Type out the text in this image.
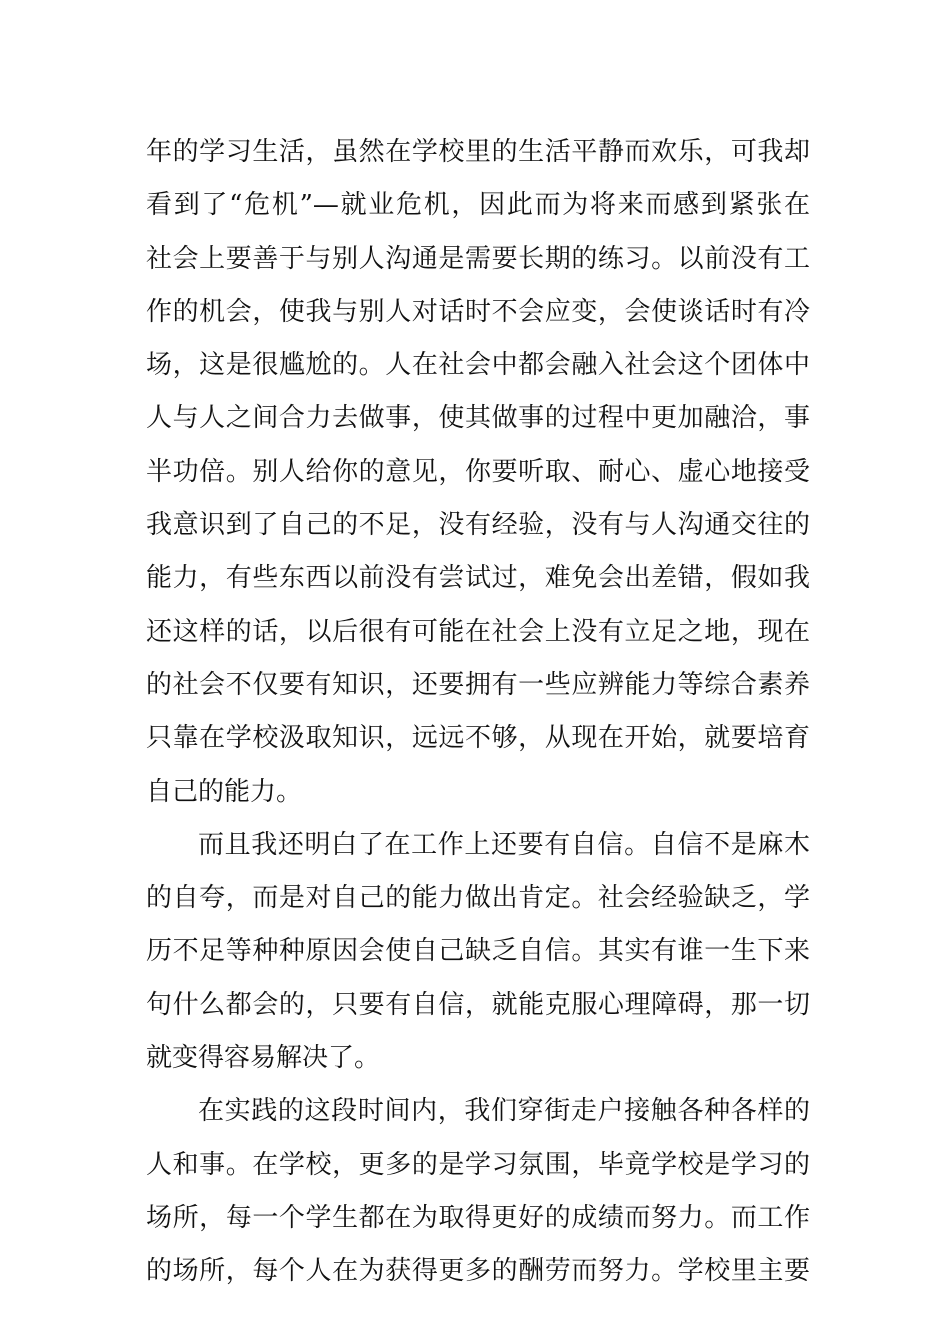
年的学习生活，虽然在学校里的生活平静而欢乐，可我却
看到了“危机”—就业危机，因此而为将来而感到紧张在
社会上要善于与别人沟通是需要长期的练习。以前没有工
作的机会，使我与别人对话时不会应变，会使谈话时有冷
场，这是很尴尬的。人在社会中都会融入社会这个团体中
人与人之间合力去做事，使其做事的过程中更加融洽，事
半功倍。别人给你的意见，你要听取、耐心、虚心地接受
我意识到了自己的不足，没有经验，没有与人沟通交往的
能力，有些东西以前没有尝试过，难免会出差错，假如我
还这样的话，以后很有可能在社会上没有立足之地，现在
的社会不仅要有知识，还要拥有一些应辨能力等综合素养
只靠在学校汲取知识，远远不够，从现在开始，就要培育
自己的能力。
而且我还明白了在工作上还要有自信。自信不是麻木
的自夸，而是对自己的能力做出肯定。社会经验缺乏，学
历不足等种种原因会使自己缺乏自信。其实有谁一生下来
句什么都会的，只要有自信，就能克服心理障碍，那一切
就变得容易解决了。
在实践的这段时间内，我们穿街走户接触各种各样的
人和事。在学校，更多的是学习氛围，毕竟学校是学习的
场所，每一个学生都在为取得更好的成绩而努力。而工作
的场所，每个人在为获得更多的酬劳而努力。学校里主要
